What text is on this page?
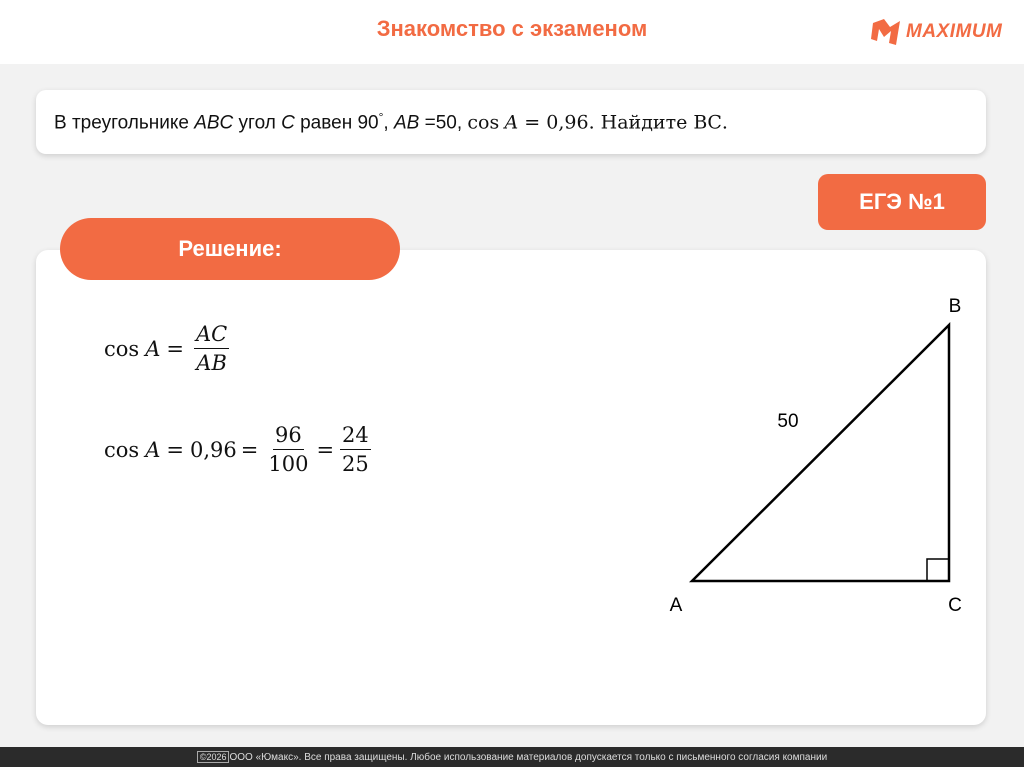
Знакомство с экзаменом	MAXIMUM
В треугольнике ABC угол C равен 90°, AB =50, cos A = 0,96. Найдите ВС.
ЕГЭ №1
Решение:
$\cos A = \frac{AC}{AB}$
$\cos A = 0,96 = \frac{96}{100} = \frac{24}{25}$
B
A	C
50
©2026 ООО «Юмакс». Все права защищены. Любое использование материалов допускается только с письменного согласия компании
